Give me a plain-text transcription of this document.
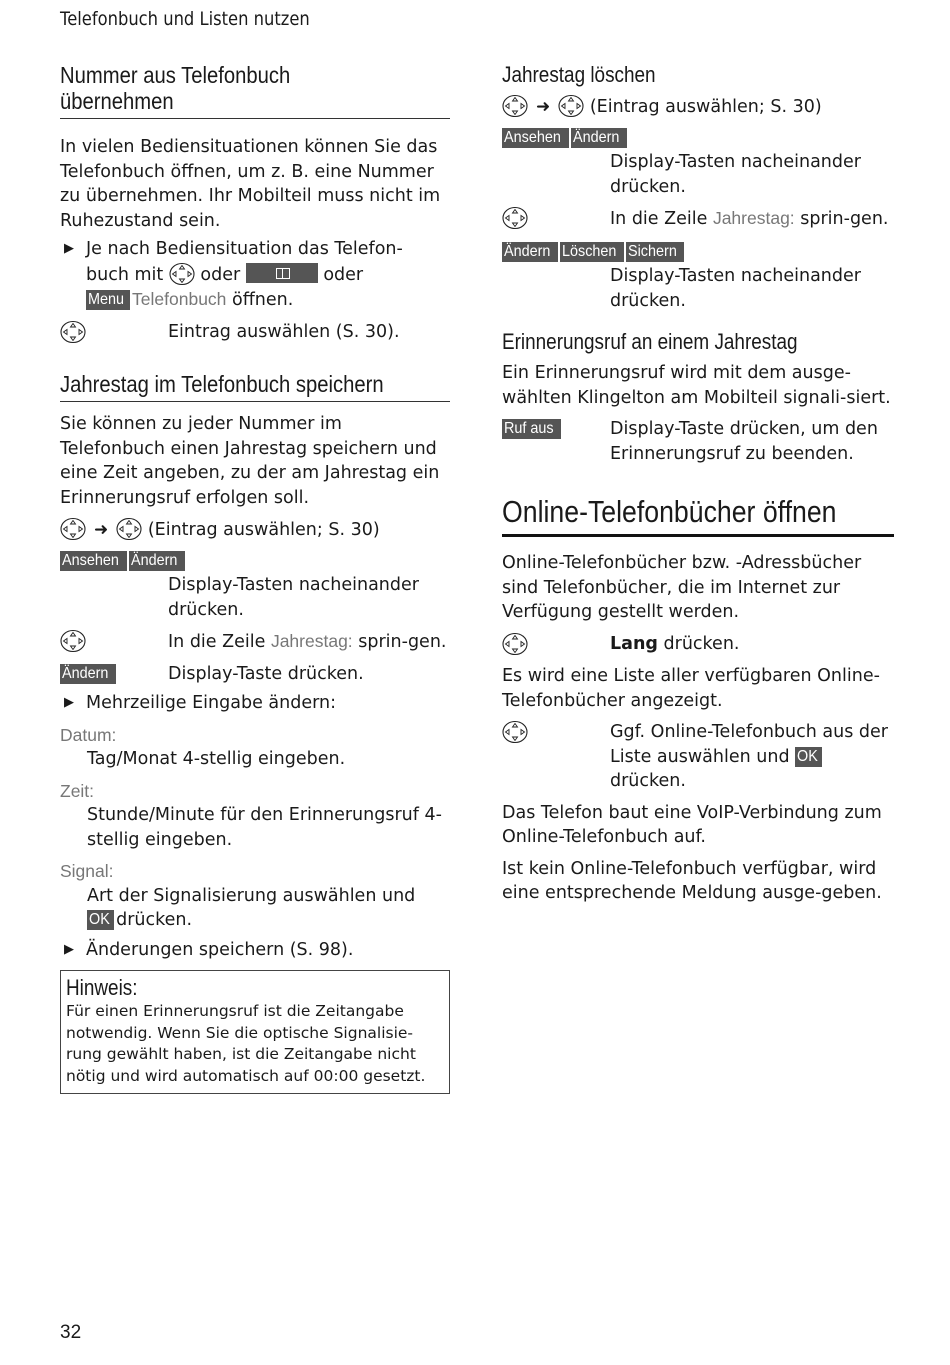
Telefonbuch und Listen nutzen
Nummer aus Telefonbuch
übernehmen

In vielen Bediensituationen können Sie das Telefonbuch öffnen, um z. B. eine Nummer zu übernehmen. Ihr Mobilteil muss nicht im Ruhezustand sein.

▶ Je nach Bediensituation das Telefon-
buch mit oder	oder
Menu Telefonbuch öffnen.
Eintrag auswählen (S. 30).
Jahrestag im Telefonbuch speichern

Sie können zu jeder Nummer im Telefonbuch einen Jahrestag speichern und eine Zeit angeben, zu der am Jahrestag ein Erinnerungsruf erfolgen soll.

➜ (Eintrag auswählen; S. 30)
Ansehen Ändern
Display-Tasten nacheinander drücken.
In die Zeile Jahrestag: sprin-gen.
Ändern	Display-Taste drücken.
▶ Mehrzeilige Eingabe ändern:
Datum:
Tag/Monat 4-stellig eingeben.
Zeit:
Stunde/Minute für den Erinnerungsruf 4-stellig eingeben.
Signal:
Art der Signalisierung auswählen und
OK drücken.
▶ Änderungen speichern (S. 98).
Hinweis:

Für einen Erinnerungsruf ist die Zeitangabe notwendig. Wenn Sie die optische Signalisie-rung gewählt haben, ist die Zeitangabe nicht nötig und wird automatisch auf 00:00 gesetzt.

Jahrestag löschen
➜ (Eintrag auswählen; S. 30)
Ansehen Ändern
Display-Tasten nacheinander drücken.
In die Zeile Jahrestag: sprin-gen.
Ändern Löschen Sichern
Display-Tasten nacheinander drücken.
Erinnerungsruf an einem Jahrestag

Ein Erinnerungsruf wird mit dem ausge-wählten Klingelton am Mobilteil signali-siert.

Ruf aus	Display-Taste drücken, um den Erinnerungsruf zu beenden.
Online-Telefonbücher öffnen

Online-Telefonbücher bzw. -Adressbücher sind Telefonbücher, die im Internet zur Verfügung gestellt werden.

Lang drücken.

Es wird eine Liste aller verfügbaren Online-Telefonbücher angezeigt.

Ggf. Online-Telefonbuch aus der Liste auswählen und OK drücken.

Das Telefon baut eine VoIP-Verbindung zum Online-Telefonbuch auf.

Ist kein Online-Telefonbuch verfügbar, wird eine entsprechende Meldung ausge-geben.

32
